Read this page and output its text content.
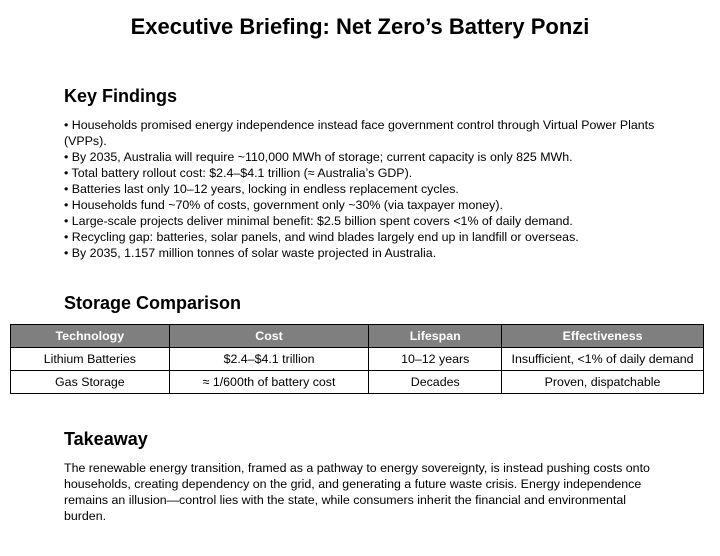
Executive Briefing: Net Zero’s Battery Ponzi
Key Findings
• Households promised energy independence instead face government control through Virtual Power Plants (VPPs).
• By 2035, Australia will require ~110,000 MWh of storage; current capacity is only 825 MWh.
• Total battery rollout cost: $2.4–$4.1 trillion (≈ Australia’s GDP).
• Batteries last only 10–12 years, locking in endless replacement cycles.
• Households fund ~70% of costs, government only ~30% (via taxpayer money).
• Large-scale projects deliver minimal benefit: $2.5 billion spent covers <1% of daily demand.
• Recycling gap: batteries, solar panels, and wind blades largely end up in landfill or overseas.
• By 2035, 1.157 million tonnes of solar waste projected in Australia.
Storage Comparison
Technology	Cost	Lifespan	Effectiveness
Lithium Batteries	$2.4–$4.1 trillion	10–12 years	Insufficient, <1% of daily demand
Gas Storage	≈ 1/600th of battery cost	Decades	Proven, dispatchable
Takeaway

The renewable energy transition, framed as a pathway to energy sovereignty, is instead pushing costs onto households, creating dependency on the grid, and generating a future waste crisis. Energy independence remains an illusion—control lies with the state, while consumers inherit the financial and environmental burden.
